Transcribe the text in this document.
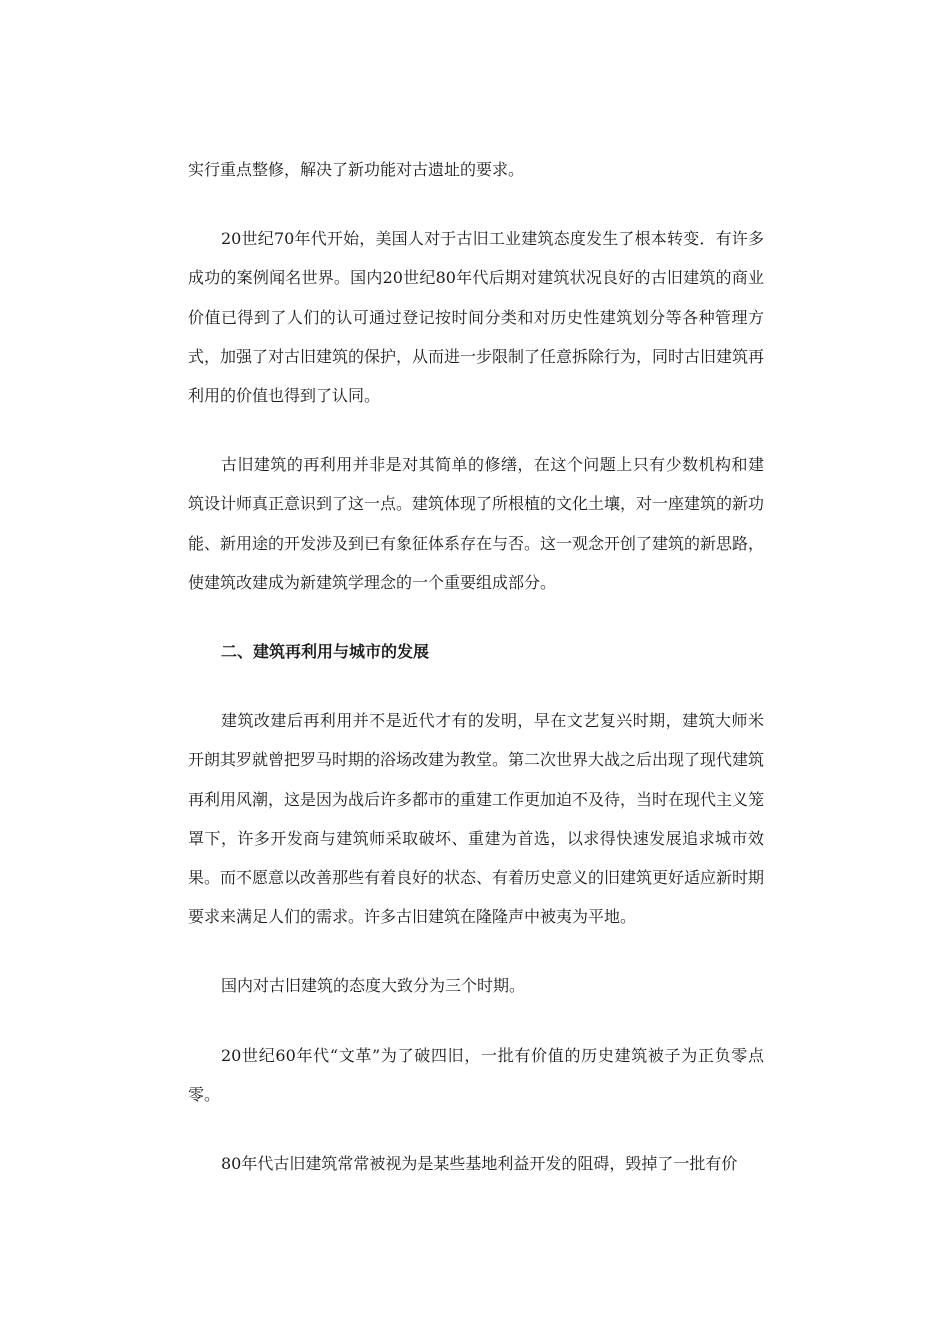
实行重点整修，解决了新功能对古遗址的要求。

20世纪70年代开始，美国人对于古旧工业建筑态度发生了根本转变．有许多成功的案例闻名世界。国内20世纪80年代后期对建筑状况良好的古旧建筑的商业价值已得到了人们的认可通过登记按时间分类和对历史性建筑划分等各种管理方式，加强了对古旧建筑的保护，从而进一步限制了任意拆除行为，同时古旧建筑再利用的价值也得到了认同。

古旧建筑的再利用并非是对其简单的修缮，在这个问题上只有少数机构和建筑设计师真正意识到了这一点。建筑体现了所根植的文化土壤，对一座建筑的新功能、新用途的开发涉及到已有象征体系存在与否。这一观念开创了建筑的新思路，使建筑改建成为新建筑学理念的一个重要组成部分。

二、建筑再利用与城市的发展

建筑改建后再利用并不是近代才有的发明，早在文艺复兴时期，建筑大师米开朗其罗就曾把罗马时期的浴场改建为教堂。第二次世界大战之后出现了现代建筑再利用风潮，这是因为战后许多都市的重建工作更加迫不及待，当时在现代主义笼罩下，许多开发商与建筑师采取破坏、重建为首选，以求得快速发展追求城市效果。而不愿意以改善那些有着良好的状态、有着历史意义的旧建筑更好适应新时期要求来满足人们的需求。许多古旧建筑在隆隆声中被夷为平地。

国内对古旧建筑的态度大致分为三个时期。

20世纪60年代“文革”为了破四旧，一批有价值的历史建筑被子为正负零点零。

80年代古旧建筑常常被视为是某些基地利益开发的阻碍，毁掉了一批有价
